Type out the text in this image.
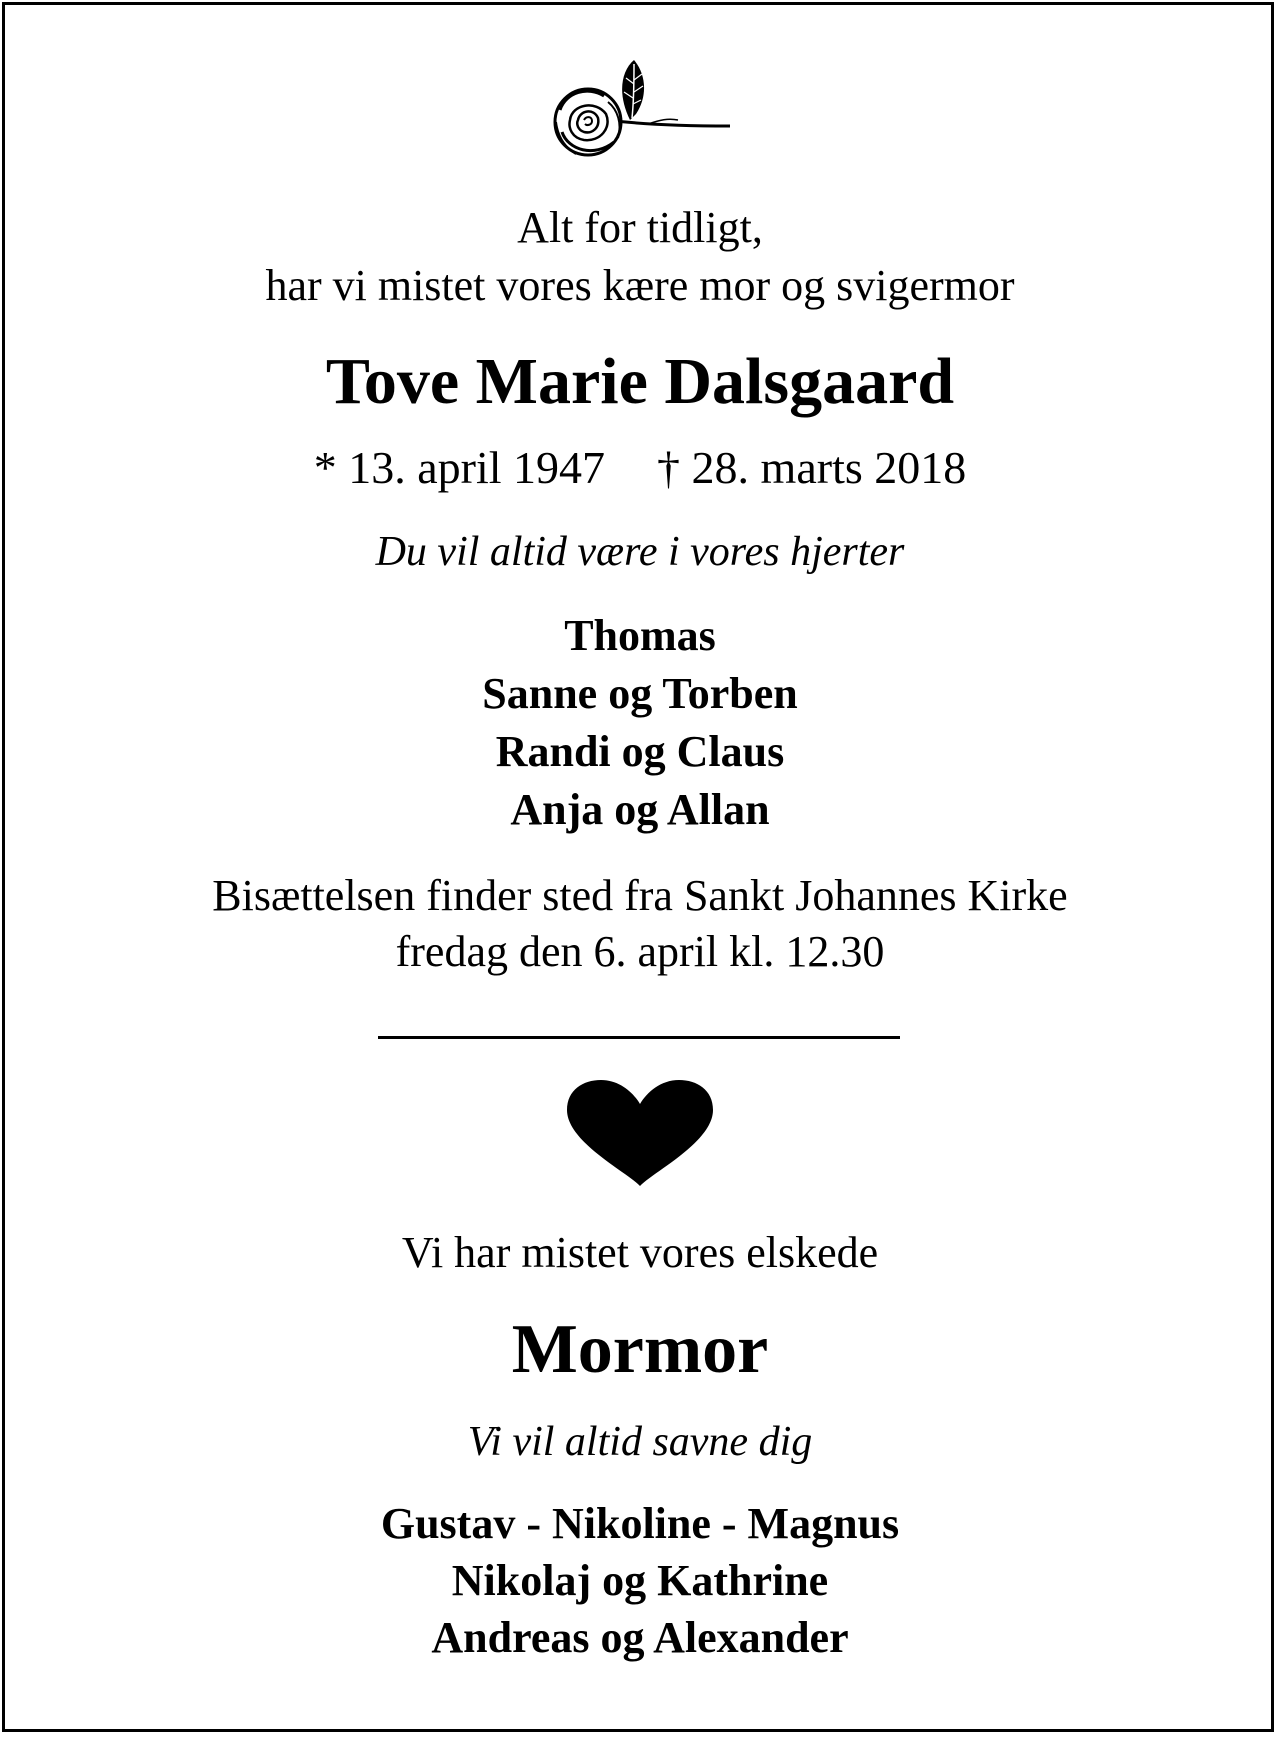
Alt for tidligt,
har vi mistet vores kære mor og svigermor
Tove Marie Dalsgaard
* 13. april 1947 † 28. marts 2018
Du vil altid være i vores hjerter
Thomas
Sanne og Torben
Randi og Claus
Anja og Allan
Bisættelsen finder sted fra Sankt Johannes Kirke
fredag den 6. april kl. 12.30
Vi har mistet vores elskede
Mormor
Vi vil altid savne dig
Gustav - Nikoline - Magnus
Nikolaj og Kathrine
Andreas og Alexander
